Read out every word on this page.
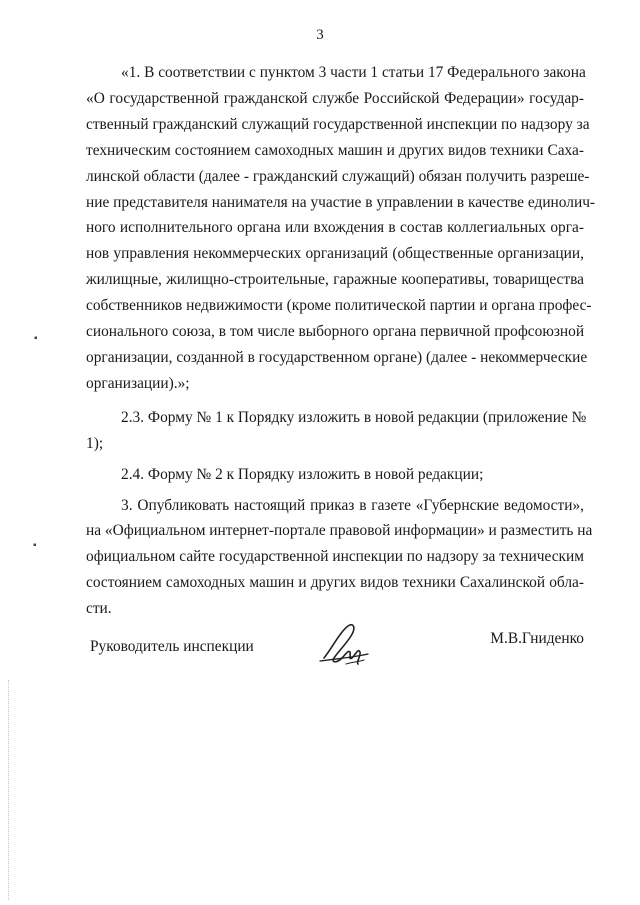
3

«1. В соответствии с пунктом 3 части 1 статьи 17 Федерального закона
«О государственной гражданской службе Российской Федерации» государ-
ственный гражданский служащий государственной инспекции по надзору за
техническим состоянием самоходных машин и других видов техники Саха-
линской области (далее - гражданский служащий) обязан получить разреше-
ние представителя нанимателя на участие в управлении в качестве единолич-
ного исполнительного органа или вхождения в состав коллегиальных орга-
нов управления некоммерческих организаций (общественные организации,
жилищные, жилищно-строительные, гаражные кооперативы, товарищества
собственников недвижимости (кроме политической партии и органа профес-
сионального союза, в том числе выборного органа первичной профсоюзной
организации, созданной в государственном органе) (далее - некоммерческие
организации).»;

2.3. Форму № 1 к Порядку изложить в новой редакции (приложение №
1);

2.4. Форму № 2 к Порядку изложить в новой редакции;

3. Опубликовать настоящий приказ в газете «Губернские ведомости»,
на «Официальном интернет-портале правовой информации» и разместить на
официальном сайте государственной инспекции по надзору за техническим
состоянием самоходных машин и других видов техники Сахалинской обла-
сти.

Руководитель инспекции	М.В.Гниденко
▪
▪
